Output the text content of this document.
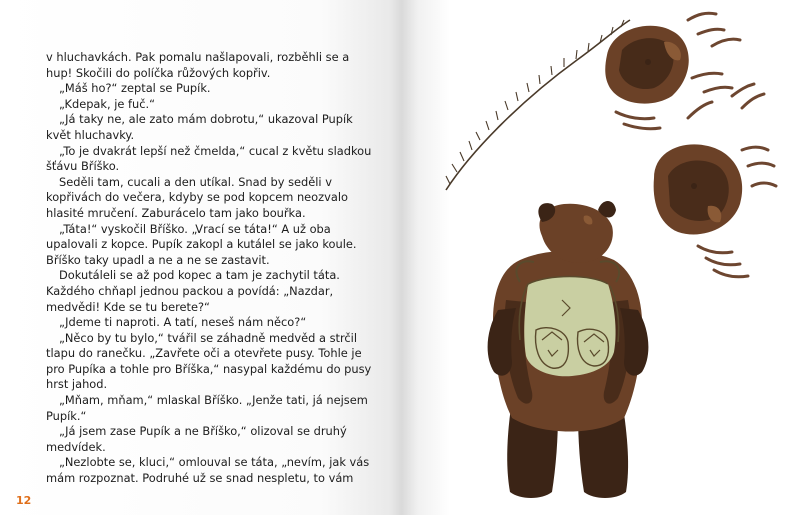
v hluchavkách. Pak pomalu našlapovali, rozběhli se a hup! Skočili do políčka růžových kopřiv.

„Máš ho?“ zeptal se Pupík.

„Kdepak, je fuč.“

„Já taky ne, ale zato mám dobrotu,“ ukazoval Pupík květ hluchavky.

„To je dvakrát lepší než čmelda,“ cucal z květu sladkou šťávu Bříško.

Seděli tam, cucali a den utíkal. Snad by seděli v kopřivách do večera, kdyby se pod kopcem neozvalo hlasité mručení. Zaburácelo tam jako bouřka.

„Táta!“ vyskočil Bříško. „Vrací se táta!“ A už oba upalovali z kopce. Pupík zakopl a kutálel se jako koule. Bříško taky upadl a ne a ne se zastavit.

Dokutáleli se až pod kopec a tam je zachytil táta. Každého chňapl jednou packou a povídá: „Nazdar, medvědi! Kde se tu berete?“

„Jdeme ti naproti. A tatí, neseš nám něco?“

„Něco by tu bylo,“ tvářil se záhadně medvěd a strčil tlapu do ranečku. „Zavřete oči a otevřete pusy. Tohle je pro Pupíka a tohle pro Bříška,“ nasypal každému do pusy hrst jahod.

„Mňam, mňam,“ mlaskal Bříško. „Jenže tati, já nejsem Pupík.“

„Já jsem zase Pupík a ne Bříško,“ olizoval se druhý medvídek.

„Nezlobte se, kluci,“ omlouval se táta, „nevím, jak vás mám rozpoznat. Podruhé už se snad nespletu, to vám

12
